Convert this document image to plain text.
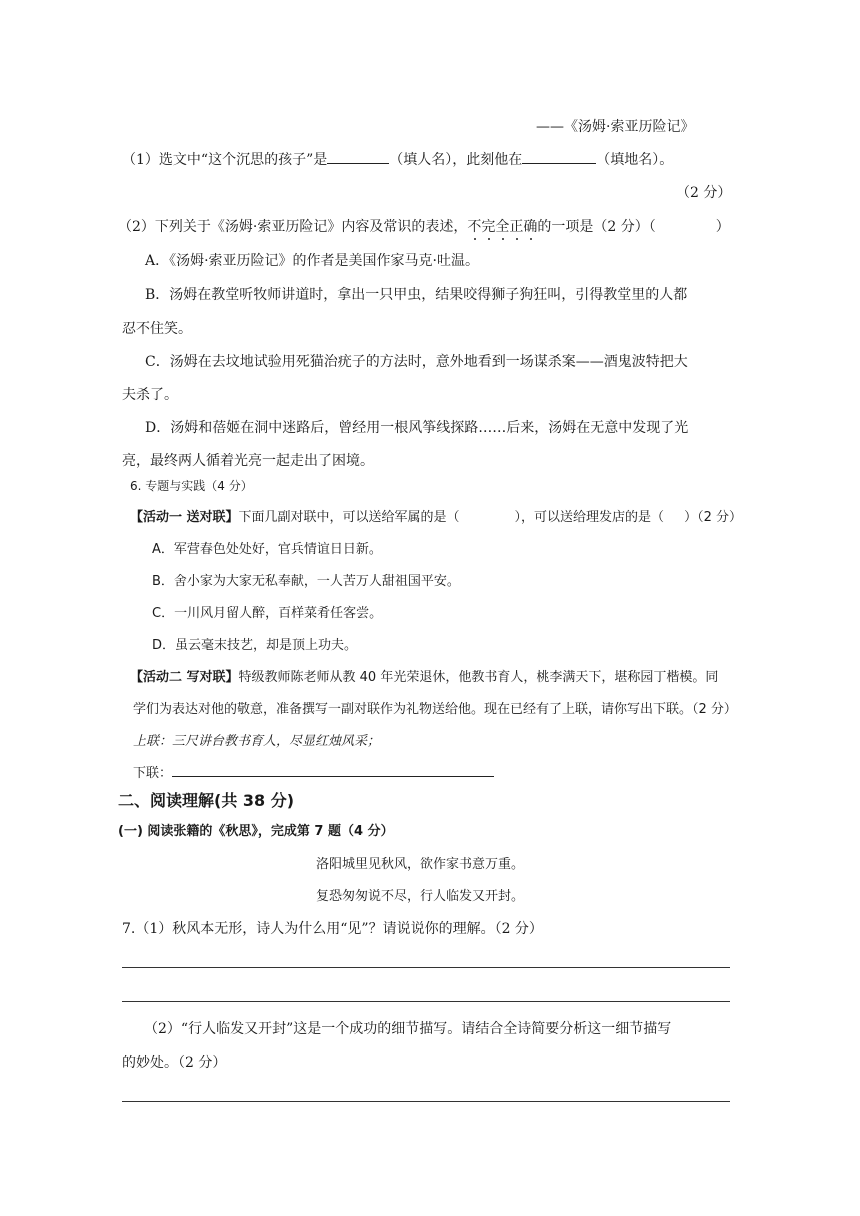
——《汤姆·索亚历险记》
（1）选文中“这个沉思的孩子”是	（填人名），此刻他在	（填地名）。
（2 分）
（2）下列关于《汤姆·索亚历险记》内容及常识的表述，不完全正确的一项是（2 分）（	）
A．《汤姆·索亚历险记》的作者是美国作家马克·吐温。
B．汤姆在教堂听牧师讲道时，拿出一只甲虫，结果咬得狮子狗狂叫，引得教堂里的人都
忍不住笑。
C．汤姆在去坟地试验用死猫治疣子的方法时，意外地看到一场谋杀案——酒鬼波特把大
夫杀了。
D．汤姆和蓓姬在洞中迷路后，曾经用一根风筝线探路……后来，汤姆在无意中发现了光
亮，最终两人循着光亮一起走出了困境。
6. 专题与实践（4 分）
【活动一 送对联】下面几副对联中，可以送给军属的是（	），可以送给理发店的是（ ）（2 分）
A．军营春色处处好，官兵情谊日日新。
B．舍小家为大家无私奉献，一人苦万人甜祖国平安。
C．一川风月留人醉，百样菜肴任客尝。
D．虽云毫末技艺，却是顶上功夫。
【活动二 写对联】特级教师陈老师从教 40 年光荣退休，他教书育人，桃李满天下，堪称园丁楷模。同
学们为表达对他的敬意，准备撰写一副对联作为礼物送给他。现在已经有了上联，请你写出下联。（2 分）
上联：三尺讲台教书育人，尽显红烛风采；
下联：
二、阅读理解(共 38 分)
(一) 阅读张籍的《秋思》，完成第 7 题（4 分）
洛阳城里见秋风，欲作家书意万重。
复恐匆匆说不尽，行人临发又开封。
7.（1）秋风本无形，诗人为什么用“见”？请说说你的理解。（2 分）
（2）“行人临发又开封”这是一个成功的细节描写。请结合全诗简要分析这一细节描写
的妙处。（2 分）
